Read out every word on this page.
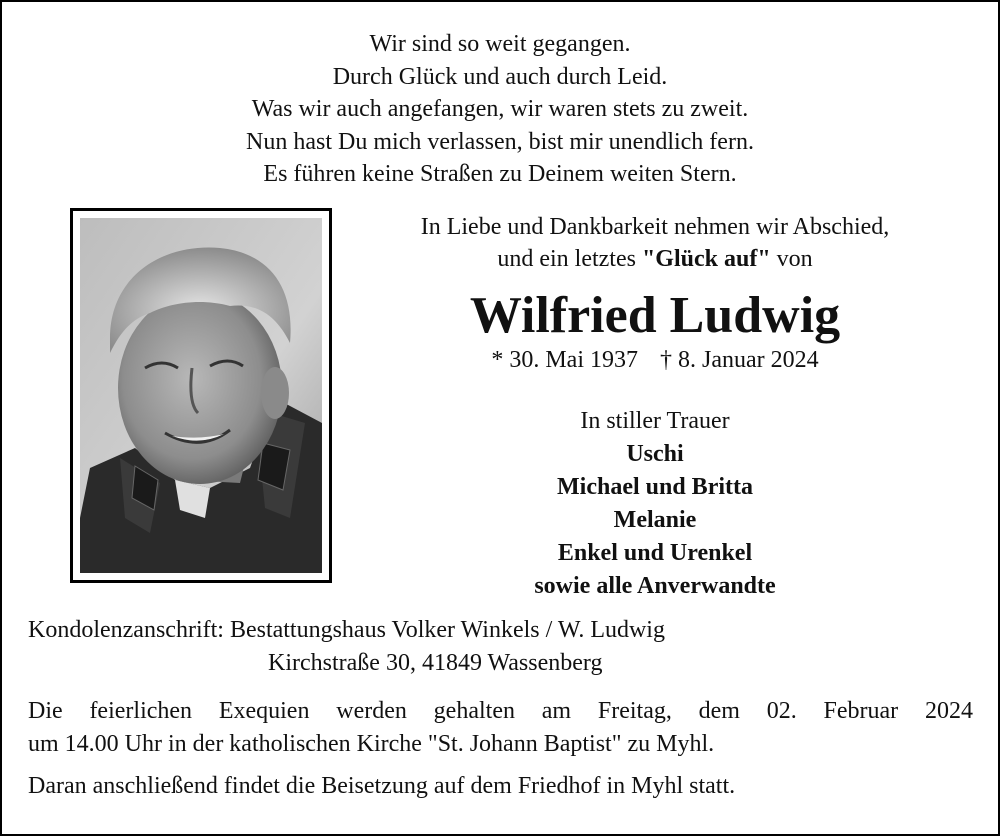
Wir sind so weit gegangen.
Durch Glück und auch durch Leid.
Was wir auch angefangen, wir waren stets zu zweit.
Nun hast Du mich verlassen, bist mir unendlich fern.
Es führen keine Straßen zu Deinem weiten Stern.
In Liebe und Dankbarkeit nehmen wir Abschied,
und ein letztes "Glück auf" von
Wilfried Ludwig
* 30. Mai 1937 † 8. Januar 2024
In stiller Trauer
Uschi
Michael und Britta
Melanie
Enkel und Urenkel
sowie alle Anverwandte
Kondolenzanschrift: Bestattungshaus Volker Winkels / W. Ludwig
Kirchstraße 30, 41849 Wassenberg
Die feierlichen Exequien werden gehalten am Freitag, dem 02. Februar 2024
um 14.00 Uhr in der katholischen Kirche "St. Johann Baptist" zu Myhl.
Daran anschließend findet die Beisetzung auf dem Friedhof in Myhl statt.
